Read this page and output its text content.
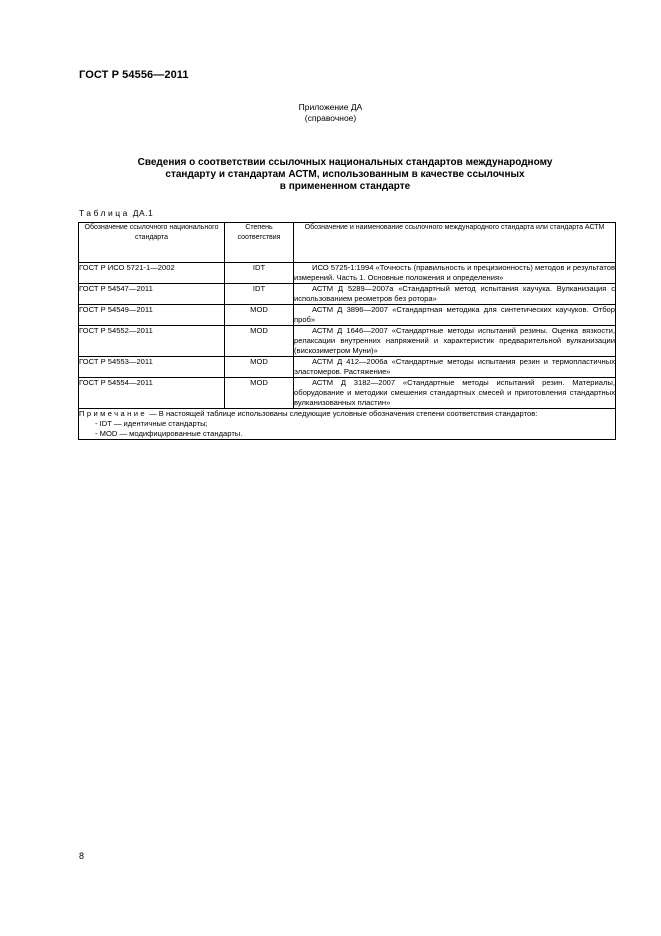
ГОСТ Р 54556—2011
Приложение ДА
(справочное)
Сведения о соответствии ссылочных национальных стандартов международному
стандарту и стандартам АСТМ, использованным в качестве ссылочных
в примененном стандарте
Таблица ДА.1
Обозначение ссылочного национального стандарта	Степень соответствия	Обозначение и наименование ссылочного международного стандарта или стандарта АСТМ
ГОСТ Р ИСО 5721-1—2002	IDT	ИСО 5725-1:1994 «Точность (правильность и прецизионность) методов и результатов измерений. Часть 1. Основные положения и определения»

ГОСТ Р 54547—2011	IDT	АСТМ Д 5289—2007а «Стандартный метод испытания каучука. Вулканизация с использованием реометров без ротора»

ГОСТ Р 54549—2011	MOD	АСТМ Д 3896—2007 «Стандартная методика для синтетических каучуков. Отбор проб»

ГОСТ Р 54552—2011	MOD	АСТМ Д 1646—2007 «Стандартные методы испытаний резины. Оценка вязкости, релаксации внутренних напряжений и характеристик предварительной вулканизации (вискозиметром Муни)»

ГОСТ Р 54553—2011	MOD	АСТМ Д 412—2006а «Стандартные методы испытания резин и термопластичных эластомеров. Растяжение»

ГОСТ Р 54554—2011	MOD	АСТМ Д 3182—2007 «Стандартные методы испытаний резин. Материалы, оборудование и методики смешения стандартных смесей и приготовления стандартных вулканизованных пластин»

Примечание — В настоящей таблице использованы следующие условные обозначения степени соответствия стандартов:
- IDT — идентичные стандарты;
- MOD — модифицированные стандарты.		
8
